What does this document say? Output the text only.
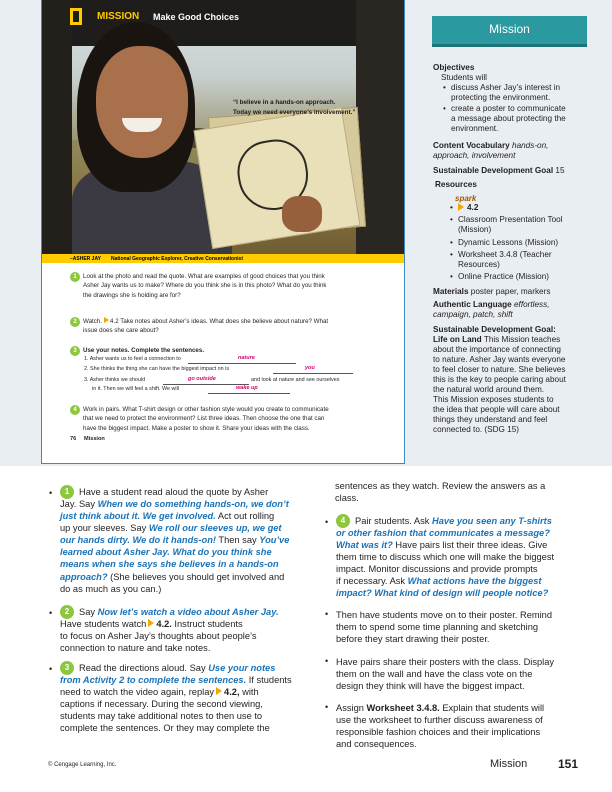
MISSION Make Good Choices
“I believe in a hands-on approach.
Today we need everyone’s involvement.”
–ASHER JAY National Geographic Explorer, Creative Conservationist
1	Look at the photo and read the quote. What are examples of good choices that you think
Asher Jay wants us to make? Where do you think she is in this photo? What do you think
the drawings she is holding are for?
2	Watch. 4.2 Take notes about Asher’s ideas. What does she believe about nature? What
issue does she care about?
3	Use your notes. Complete the sentences.
1. Asher wants us to feel a connection to	nature
2. She thinks the thing she can have the biggest impact on is	you
3. Asher thinks we should	go outside	and look at nature and see ourselves
in it. Then we will feel a shift. We will	wake up
4	Work in pairs. What T-shirt design or other fashion style would you create to communicate
that we need to protect the environment? List three ideas. Then choose the one that can
have the biggest impact. Make a poster to show it. Share your ideas with the class.
76 Mission
Mission
Objectives
Students will
• discuss Asher Jay’s interest in
protecting the environment.
• create a poster to communicate
a message about protecting the
environment.
Content Vocabulary hands-on,
approach, involvement
Sustainable Development Goal 15
Resources
spark
•	4.2
• Classroom Presentation Tool
(Mission)
• Dynamic Lessons (Mission)
• Worksheet 3.4.8 (Teacher
Resources)
• Online Practice (Mission)
Materials poster paper, markers
Authentic Language effortless,
campaign, patch, shift
Sustainable Development Goal:
Life on Land This Mission teaches
about the importance of connecting
to nature. Asher Jay wants everyone
to feel closer to nature. She believes
this is the key to people caring about
the natural world around them.
This Mission exposes students to
the idea that people will care about
things they understand and feel
connected to. (SDG 15)
•	1	Have a student read aloud the quote by Asher
Jay. Say When we do something hands-on, we don’t
just think about it. We get involved. Act out rolling
up your sleeves. Say We roll our sleeves up, we get
our hands dirty. We do it hands-on! Then say You’ve
learned about Asher Jay. What do you think she
means when she says she believes in a hands-on
approach? (She believes you should get involved and
do as much as you can.)
•	2	Say Now let’s watch a video about Asher Jay.
Have students watch 4.2. Instruct students
to focus on Asher Jay’s thoughts about people’s
connection to nature and take notes.
•	3	Read the directions aloud. Say Use your notes
from Activity 2 to complete the sentences. If students
need to watch the video again, replay 4.2, with
captions if necessary. During the second viewing,
students may take additional notes to then use to
complete the sentences. Or they may complete the
sentences as they watch. Review the answers as a
class.
•	4	Pair students. Ask Have you seen any T-shirts
or other fashion that communicates a message?
What was it? Have pairs list their three ideas. Give
them time to discuss which one will make the biggest
impact. Monitor discussions and provide prompts
if necessary. Ask What actions have the biggest
impact? What kind of design will people notice?
• Then have students move on to their poster. Remind
them to spend some time planning and sketching
before they start drawing their poster.
• Have pairs share their posters with the class. Display
them on the wall and have the class vote on the
design they think will have the biggest impact.
• Assign Worksheet 3.4.8. Explain that students will
use the worksheet to further discuss awareness of
responsible fashion choices and their implications
and consequences.
© Cengage Learning, Inc.	Mission	151
